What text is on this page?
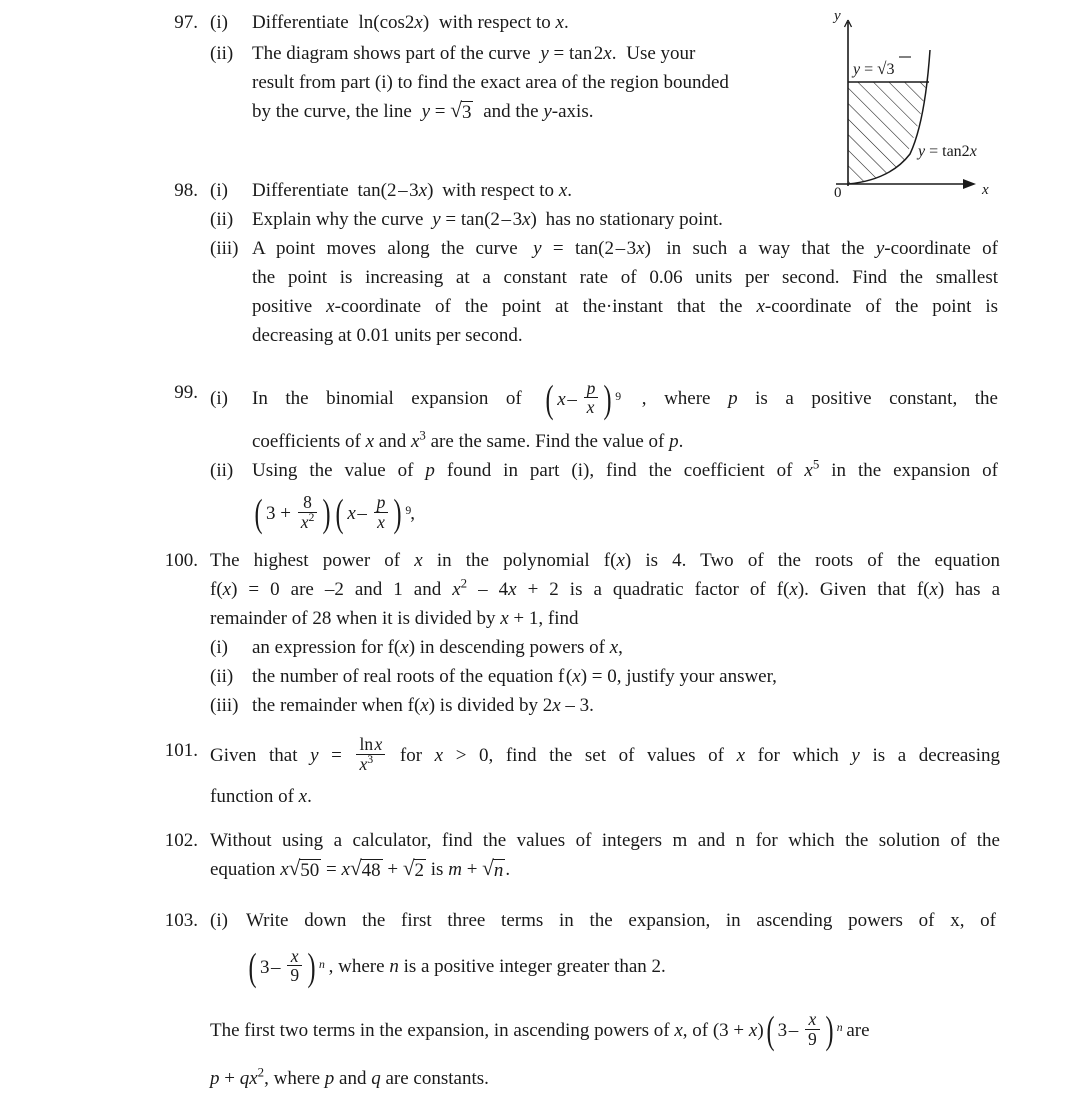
y
x
0
y = √3
y = tan2x
97. (i)	Differentiate ln(cos2x) with respect to x.
(ii) The diagram shows part of the curve y = tan 2x. Use your
result from part (i) to find the exact area of the region bounded
by the curve, the line y = √ 3 and the y-axis.
98. (i)	Differentiate tan(2 – 3x) with respect to x.
(ii) Explain why the curve y = tan(2 – 3x) has no stationary point.
(iii) A point moves along the curve y = tan(2 – 3x) in such a way that the y-coordinate of
the point is increasing at a constant rate of 0.06 units per second. Find the smallest
positive x-coordinate of the point at the·instant that the x-coordinate of the point is
decreasing at 0.01 units per second.
99. (i)	In the binomial expansion of ( x – $\frac{p}{x}$ ) 9 , where p is a positive constant, the
coefficients of x and $x^3$ are the same. Find the value of p.
(ii) Using the value of p found in part (i), find the coefficient of $x^5$ in the expansion of
( $3 + \frac{8}{x^2}$ ) ( x – $\frac{p}{x}$ ) 9 ,
100. The highest power of x in the polynomial f(x) is 4. Two of the roots of the equation
f(x) = 0 are –2 and 1 and $x^2 - 4x + 2$ is a quadratic factor of f(x). Given that f(x) has a
remainder of 28 when it is divided by x + 1, find
(i)	an expression for f(x) in descending powers of x,
(ii) the number of real roots of the equation f (x) = 0, justify your answer,
(iii) the remainder when f(x) is divided by 2x – 3.
101. Given that $y = \frac{\text{ln x}}{x^3}$ for x > 0, find the set of values of x for which y is a decreasing
function of x.
102. Without using a calculator, find the values of integers m and n for which the solution of the
equation x √ 50 = x √ 48 + √ 2 is m + √ n .
103. (i) Write down the first three terms in the expansion, in ascending powers of x, of
( 3 – $\frac{x}{9}$ ) n , where n is a positive integer greater than 2.
The first two terms in the expansion, in ascending powers of x, of (3 + x) ( 3 – $\frac{x}{9}$ ) n are
$p + qx^2$, where p and q are constants.
